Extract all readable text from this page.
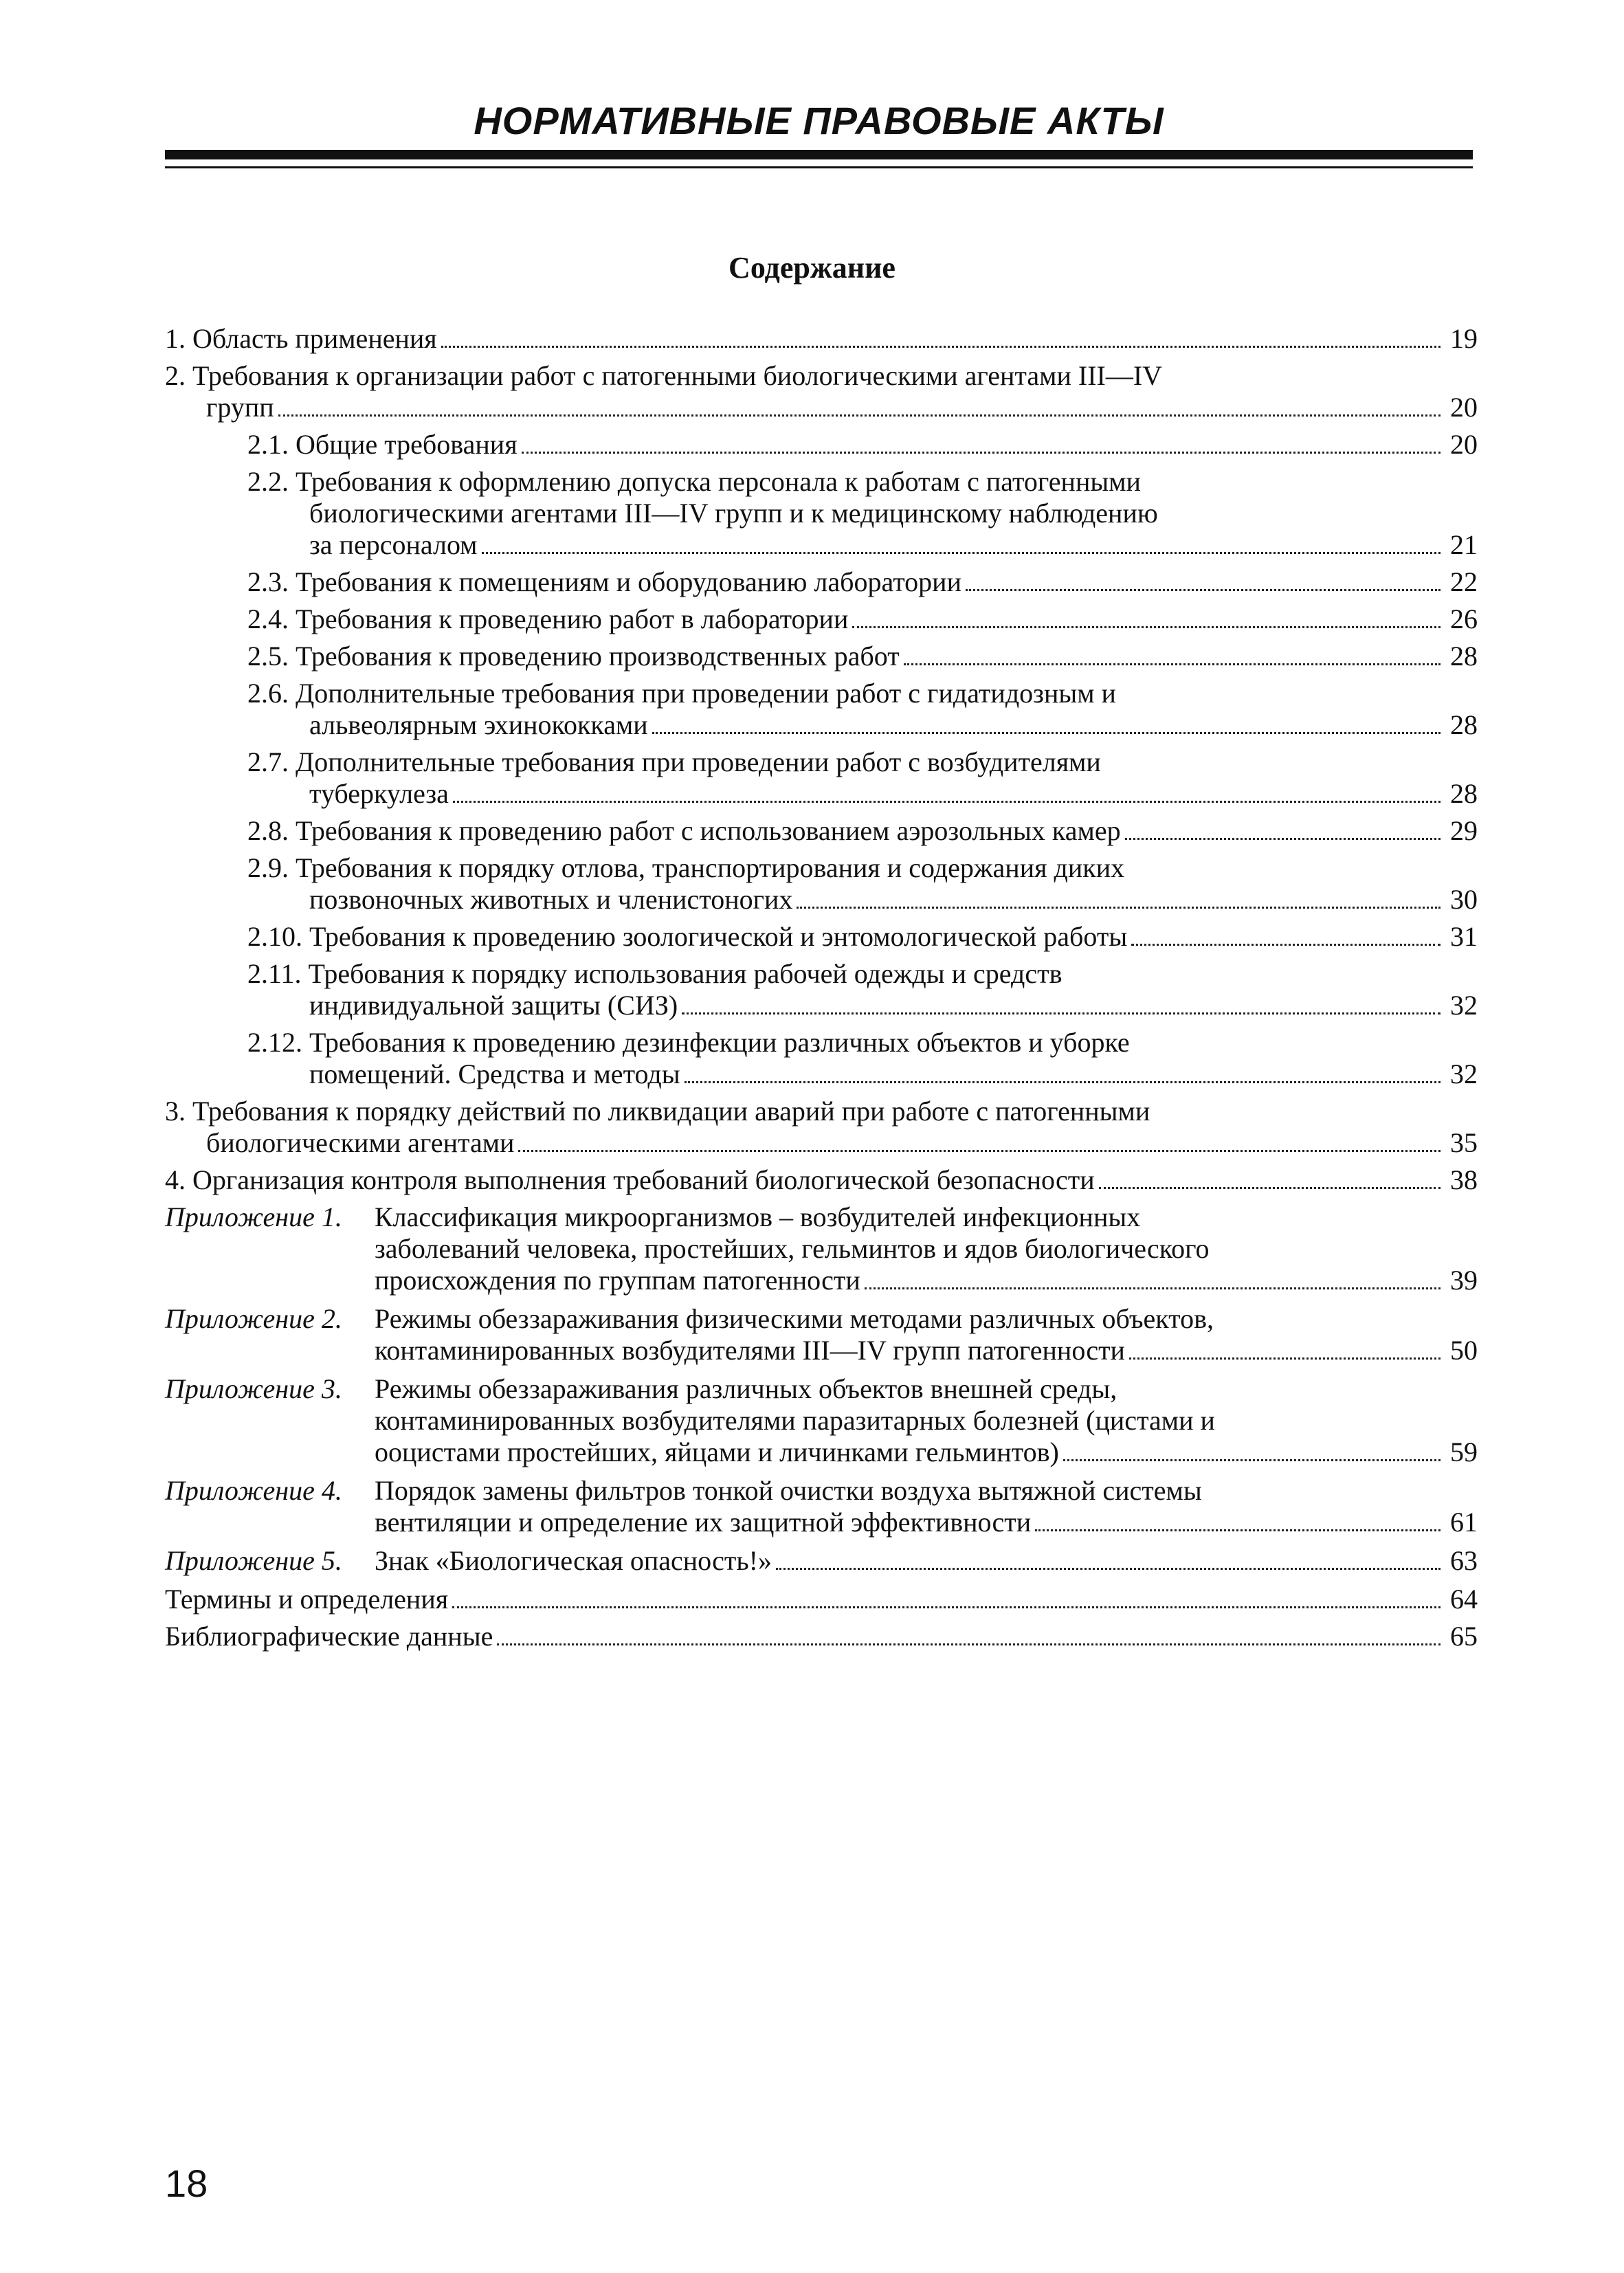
НОРМАТИВНЫЕ ПРАВОВЫЕ АКТЫ
Содержание
1. Область применения	19
2. Требования к организации работ с патогенными биологическими агентами III—IV
групп	20
2.1. Общие требования	20
2.2. Требования к оформлению допуска персонала к работам с патогенными
биологическими агентами III—IV групп и к медицинскому наблюдению
за персоналом	21
2.3. Требования к помещениям и оборудованию лаборатории	22
2.4. Требования к проведению работ в лаборатории	26
2.5. Требования к проведению производственных работ	28
2.6. Дополнительные требования при проведении работ с гидатидозным и
альвеолярным эхинококками	28
2.7. Дополнительные требования при проведении работ с возбудителями
туберкулеза	28
2.8. Требования к проведению работ с использованием аэрозольных камер	29
2.9. Требования к порядку отлова, транспортирования и содержания диких
позвоночных животных и членистоногих	30
2.10. Требования к проведению зоологической и энтомологической работы	31
2.11. Требования к порядку использования рабочей одежды и средств
индивидуальной защиты (СИЗ)	32
2.12. Требования к проведению дезинфекции различных объектов и уборке
помещений. Средства и методы	32
3. Требования к порядку действий по ликвидации аварий при работе с патогенными
биологическими агентами	35
4. Организация контроля выполнения требований биологической безопасности	38
Приложение 1.	Классификация микроорганизмов – возбудителей инфекционных
заболеваний человека, простейших, гельминтов и ядов биологического
происхождения по группам патогенности	39
Приложение 2.	Режимы обеззараживания физическими методами различных объектов,
контаминированных возбудителями III—IV групп патогенности	50
Приложение 3.	Режимы обеззараживания различных объектов внешней среды,
контаминированных возбудителями паразитарных болезней (цистами и
ооцистами простейших, яйцами и личинками гельминтов)	59
Приложение 4.	Порядок замены фильтров тонкой очистки воздуха вытяжной системы
вентиляции и определение их защитной эффективности	61
Приложение 5.	Знак «Биологическая опасность!»	63
Термины и определения	64
Библиографические данные	65
18
